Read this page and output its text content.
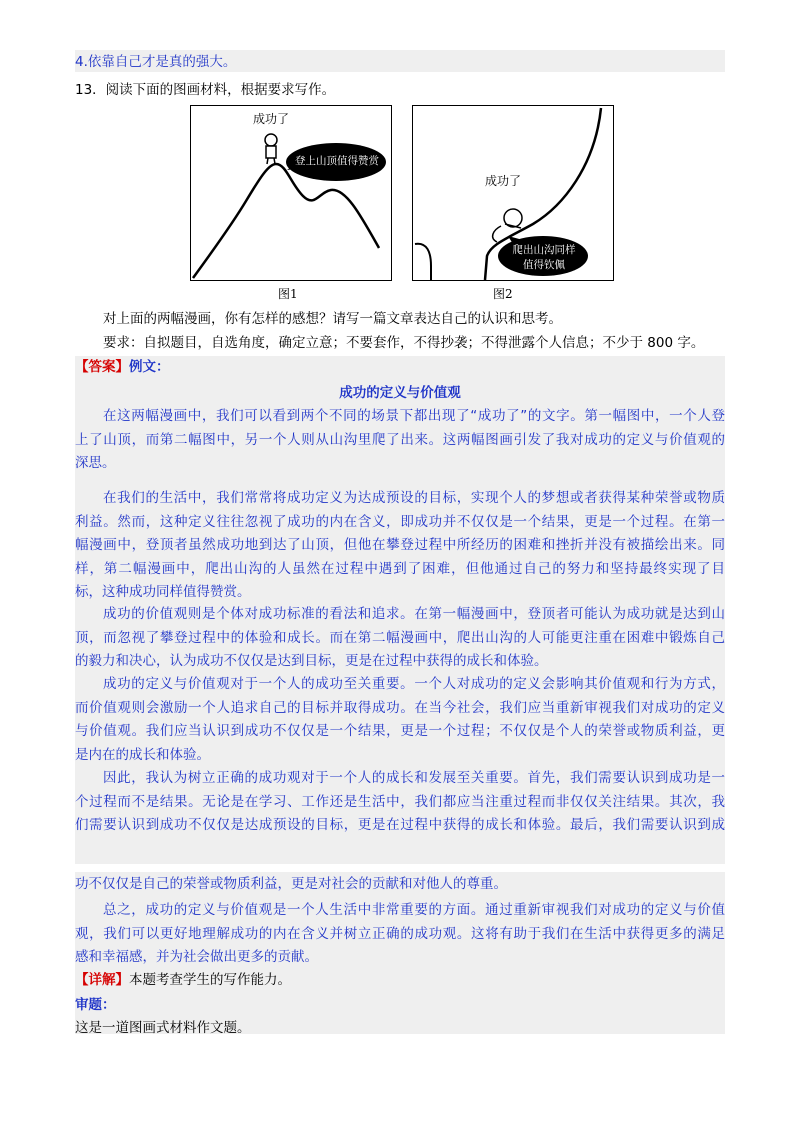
4.依靠自己才是真的强大。
13．阅读下面的图画材料，根据要求写作。
成功了
登上山顶值得赞赏
图1
成功了
爬出山沟同样
值得钦佩
图2
对上面的两幅漫画，你有怎样的感想？请写一篇文章表达自己的认识和思考。
要求：自拟题目，自选角度，确定立意；不要套作，不得抄袭；不得泄露个人信息；不少于 800 字。
【答案】例文：
成功的定义与价值观
在这两幅漫画中，我们可以看到两个不同的场景下都出现了“成功了”的文字。第一幅图中，一个人登
上了山顶，而第二幅图中，另一个人则从山沟里爬了出来。这两幅图画引发了我对成功的定义与价值观的
深思。
在我们的生活中，我们常常将成功定义为达成预设的目标，实现个人的梦想或者获得某种荣誉或物质
利益。然而，这种定义往往忽视了成功的内在含义，即成功并不仅仅是一个结果，更是一个过程。在第一
幅漫画中，登顶者虽然成功地到达了山顶，但他在攀登过程中所经历的困难和挫折并没有被描绘出来。同
样，第二幅漫画中，爬出山沟的人虽然在过程中遇到了困难，但他通过自己的努力和坚持最终实现了目
标，这种成功同样值得赞赏。
成功的价值观则是个体对成功标准的看法和追求。在第一幅漫画中，登顶者可能认为成功就是达到山
顶，而忽视了攀登过程中的体验和成长。而在第二幅漫画中，爬出山沟的人可能更注重在困难中锻炼自己
的毅力和决心，认为成功不仅仅是达到目标，更是在过程中获得的成长和体验。
成功的定义与价值观对于一个人的成功至关重要。一个人对成功的定义会影响其价值观和行为方式，
而价值观则会激励一个人追求自己的目标并取得成功。在当今社会，我们应当重新审视我们对成功的定义
与价值观。我们应当认识到成功不仅仅是一个结果，更是一个过程；不仅仅是个人的荣誉或物质利益，更
是内在的成长和体验。
因此，我认为树立正确的成功观对于一个人的成长和发展至关重要。首先，我们需要认识到成功是一
个过程而不是结果。无论是在学习、工作还是生活中，我们都应当注重过程而非仅仅关注结果。其次，我
们需要认识到成功不仅仅是达成预设的目标，更是在过程中获得的成长和体验。最后，我们需要认识到成
功不仅仅是自己的荣誉或物质利益，更是对社会的贡献和对他人的尊重。
总之，成功的定义与价值观是一个人生活中非常重要的方面。通过重新审视我们对成功的定义与价值
观，我们可以更好地理解成功的内在含义并树立正确的成功观。这将有助于我们在生活中获得更多的满足
感和幸福感，并为社会做出更多的贡献。
【详解】本题考查学生的写作能力。
审题：
这是一道图画式材料作文题。
